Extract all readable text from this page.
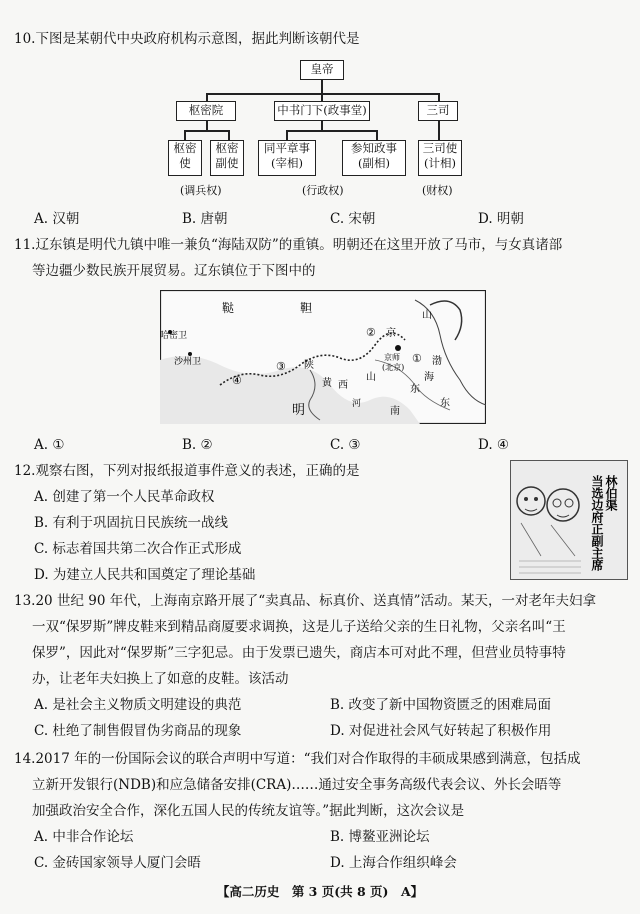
10.下图是某朝代中央政府机构示意图，据此判断该朝代是

皇帝
枢密院	中书门下(政事堂)	三司
枢密
使
枢密
副使
同平章事
(宰相)
参知政事
(副相)
三司使
(计相)
(调兵权)	(行政权)	(财权)
A. 汉朝	B. 唐朝	C. 宋朝	D. 明朝
11.辽东镇是明代九镇中唯一兼负“海陆双防”的重镇。明朝还在这里开放了马市，与女真诸部
等边疆少数民族开展贸易。辽东镇位于下图中的
鞑	靼
哈密卫
沙州卫	陕
黄
京
京师
(北京)
山
渤
海
山
东
河
南
东
西
明
①
②
③
④
A. ①	B. ②	C. ③	D. ④
12.观察右图，下列对报纸报道事件意义的表述，正确的是
A. 创建了第一个人民革命政权
B. 有利于巩固抗日民族统一战线
C. 标志着国共第二次合作正式形成
D. 为建立人民共和国奠定了理论基础
林伯渠
当选边府正副主席
13.20 世纪 90 年代，上海南京路开展了“卖真品、标真价、送真情”活动。某天，一对老年夫妇拿
一双“保罗斯”牌皮鞋来到精品商厦要求调换，这是儿子送给父亲的生日礼物，父亲名叫“王
保罗”，因此对“保罗斯”三字犯忌。由于发票已遗失，商店本可对此不理，但营业员特事特
办，让老年夫妇换上了如意的皮鞋。该活动
A. 是社会主义物质文明建设的典范	B. 改变了新中国物资匮乏的困难局面
C. 杜绝了制售假冒伪劣商品的现象	D. 对促进社会风气好转起了积极作用
14.2017 年的一份国际会议的联合声明中写道：“我们对合作取得的丰硕成果感到满意，包括成
立新开发银行(NDB)和应急储备安排(CRA)……通过安全事务高级代表会议、外长会晤等
加强政治安全合作，深化五国人民的传统友谊等。”据此判断，这次会议是
A. 中非合作论坛	B. 博鳌亚洲论坛
C. 金砖国家领导人厦门会晤	D. 上海合作组织峰会
【高二历史　第 3 页(共 8 页)　A】
